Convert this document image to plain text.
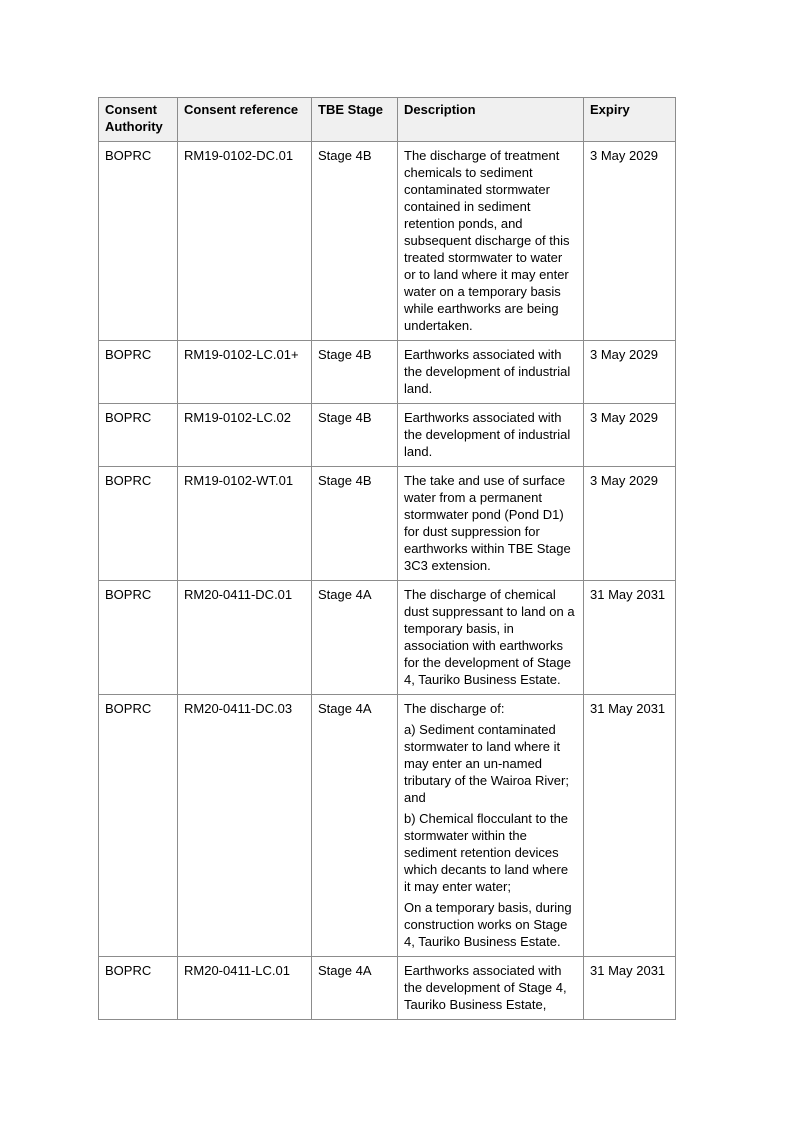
Consent Authority	Consent reference	TBE Stage	Description	Expiry
BOPRC	RM19-0102-DC.01	Stage 4B	The discharge of treatment chemicals to sediment contaminated stormwater contained in sediment retention ponds, and subsequent discharge of this treated stormwater to water or to land where it may enter water on a temporary basis while earthworks are being undertaken.	3 May 2029
BOPRC	RM19-0102-LC.01+	Stage 4B	Earthworks associated with the development of industrial land.	3 May 2029
BOPRC	RM19-0102-LC.02	Stage 4B	Earthworks associated with the development of industrial land.	3 May 2029
BOPRC	RM19-0102-WT.01	Stage 4B	The take and use of surface water from a permanent stormwater pond (Pond D1) for dust suppression for earthworks within TBE Stage 3C3 extension.	3 May 2029
BOPRC	RM20-0411-DC.01	Stage 4A	The discharge of chemical dust suppressant to land on a temporary basis, in association with earthworks for the development of Stage 4, Tauriko Business Estate.	31 May 2031
BOPRC	RM20-0411-DC.03	Stage 4A	The discharge of:
a) Sediment contaminated stormwater to land where it may enter an un-named tributary of the Wairoa River; and
b) Chemical flocculant to the stormwater within the sediment retention devices which decants to land where it may enter water;
On a temporary basis, during construction works on Stage 4, Tauriko Business Estate.	31 May 2031
BOPRC	RM20-0411-LC.01	Stage 4A	Earthworks associated with the development of Stage 4, Tauriko Business Estate,	31 May 2031
